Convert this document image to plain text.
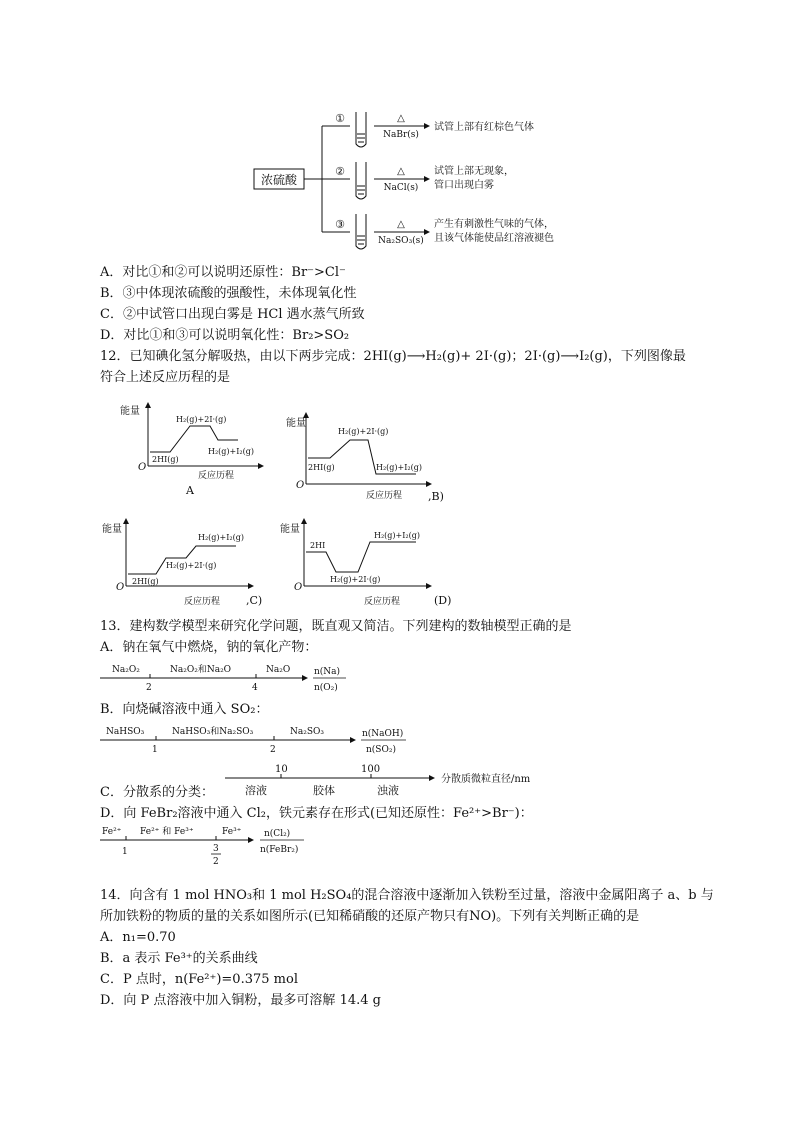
浓硫酸
①
②
③
△
NaBr(s)
△
NaCl(s)
△
Na₂SO₃(s)
试管上部有红棕色气体
试管上部无现象，
管口出现白雾
产生有刺激性气味的气体，
且该气体能使品红溶液褪色
A．对比①和②可以说明还原性：Br⁻>Cl⁻
B．③中体现浓硫酸的强酸性，未体现氧化性
C．②中试管口出现白雾是 HCl 遇水蒸气所致
D．对比①和③可以说明氧化性：Br₂>SO₂
12．已知碘化氢分解吸热，由以下两步完成：2HI(g)⟶H₂(g)+ 2I·(g)；2I·(g)⟶I₂(g)，下列图像最
符合上述反应历程的是
能量
O
2HI(g)
H₂(g)+2I·(g)
H₂(g)+I₂(g)
反应历程
A
能量
O
2HI(g)
H₂(g)+2I·(g)
H₂(g)+I₂(g)
反应历程 ,B)
能量
O
2HI(g)
H₂(g)+2I·(g)
H₂(g)+I₂(g)
反应历程 ,C)
能量
O
2HI
H₂(g)+2I·(g)
H₂(g)+I₂(g)
反应历程	(D)
13．建构数学模型来研究化学问题，既直观又简洁。下列建构的数轴模型正确的是
A．钠在氧气中燃烧，钠的氧化产物：
Na₂O₂	Na₂O₂和Na₂O	Na₂O
2	4
n(Na)
n(O₂)
B．向烧碱溶液中通入 SO₂：
NaHSO₃	NaHSO₃和Na₂SO₃	Na₂SO₃
1	2
n(NaOH)
n(SO₂)
C．分散系的分类：
10	100
溶液	胶体	浊液
分散质微粒直径/nm
D．向 FeBr₂溶液中通入 Cl₂，铁元素存在形式(已知还原性：Fe²⁺>Br⁻)：
Fe²⁺ Fe²⁺ 和 Fe³⁺	Fe³⁺
1	3
2
n(Cl₂)
n(FeBr₂)
14．向含有 1 mol HNO₃和 1 mol H₂SO₄的混合溶液中逐渐加入铁粉至过量，溶液中金属阳离子 a、b 与
所加铁粉的物质的量的关系如图所示(已知稀硝酸的还原产物只有NO)。下列有关判断正确的是
A．n₁=0.70
B．a 表示 Fe³⁺的关系曲线
C．P 点时，n(Fe²⁺)=0.375 mol
D．向 P 点溶液中加入铜粉，最多可溶解 14.4 g
